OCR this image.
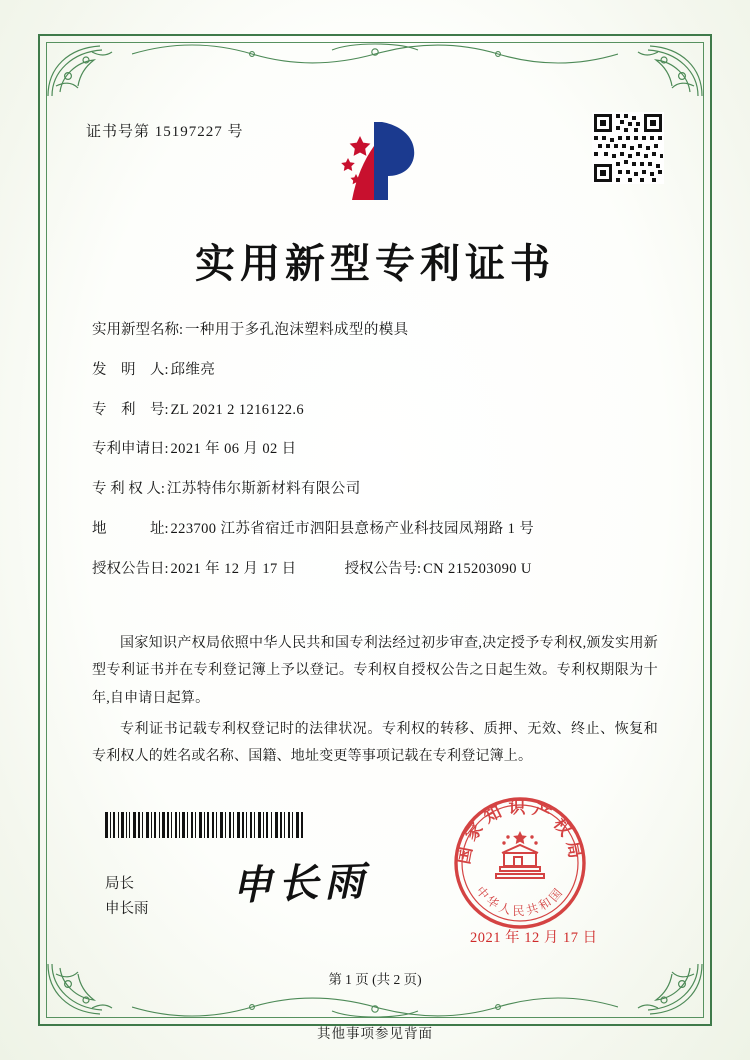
证书号第 15197227 号
实用新型专利证书
实用新型名称: 一种用于多孔泡沫塑料成型的模具
发　明　人: 邱维亮
专　利　号: ZL 2021 2 1216122.6
专利申请日: 2021 年 06 月 02 日
专 利 权 人: 江苏特伟尔斯新材料有限公司
地　　　址: 223700 江苏省宿迁市泗阳县意杨产业科技园凤翔路 1 号
授权公告日: 2021 年 12 月 17 日	授权公告号: CN 215203090 U

国家知识产权局依照中华人民共和国专利法经过初步审查,决定授予专利权,颁发实用新型专利证书并在专利登记簿上予以登记。专利权自授权公告之日起生效。专利权期限为十年,自申请日起算。

专利证书记载专利权登记时的法律状况。专利权的转移、质押、无效、终止、恢复和专利权人的姓名或名称、国籍、地址变更等事项记载在专利登记簿上。

局长
申长雨
申长雨
国家知识产权局
中华人民共和国
2021 年 12 月 17 日
第 1 页 (共 2 页)
其他事项参见背面
